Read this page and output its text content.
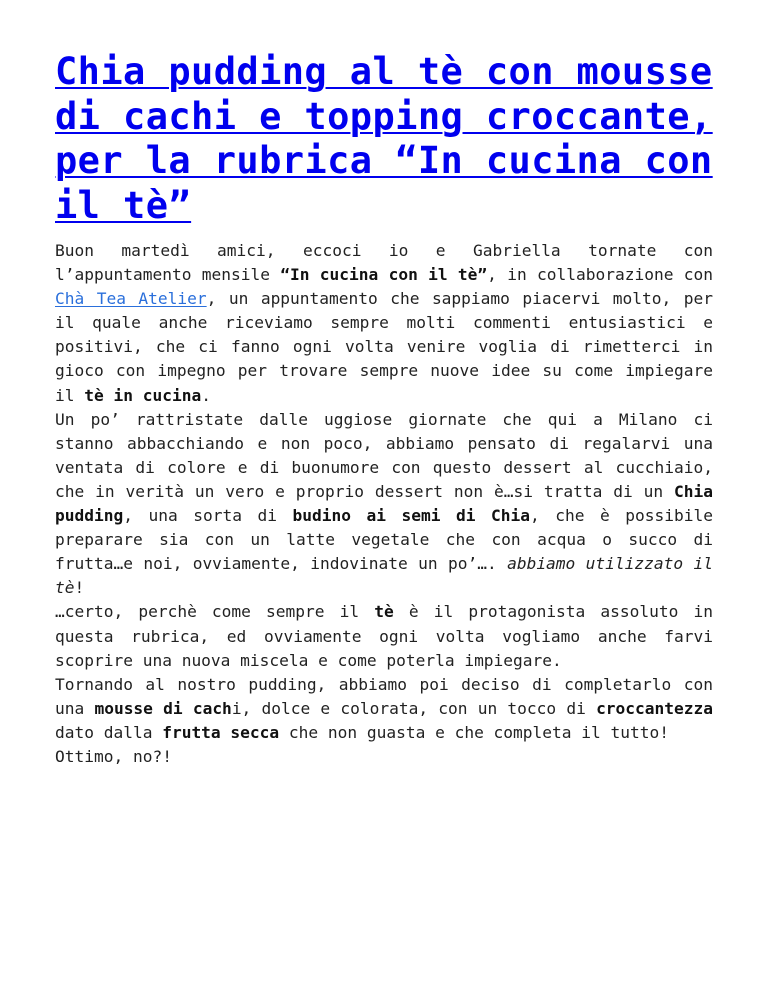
Chia pudding al tè con mousse di cachi e topping croccante, per la rubrica “In cucina con il tè”

Buon martedì amici, eccoci io e Gabriella tornate con l’appuntamento mensile “In cucina con il tè”, in collaborazione con Chà Tea Atelier, un appuntamento che sappiamo piacervi molto, per il quale anche riceviamo sempre molti commenti entusiastici e positivi, che ci fanno ogni volta venire voglia di rimetterci in gioco con impegno per trovare sempre nuove idee su come impiegare il tè in cucina.

Un po’ rattristate dalle uggiose giornate che qui a Milano ci stanno abbacchiando e non poco, abbiamo pensato di regalarvi una ventata di colore e di buonumore con questo dessert al cucchiaio, che in verità un vero e proprio dessert non è…si tratta di un Chia pudding, una sorta di budino ai semi di Chia, che è possibile preparare sia con un latte vegetale che con acqua o succo di frutta…e noi, ovviamente, indovinate un po’…. abbiamo utilizzato il tè!

…certo, perchè come sempre il tè è il protagonista assoluto in questa rubrica, ed ovviamente ogni volta vogliamo anche farvi scoprire una nuova miscela e come poterla impiegare.

Tornando al nostro pudding, abbiamo poi deciso di completarlo con una mousse di cachi, dolce e colorata, con un tocco di croccantezza dato dalla frutta secca che non guasta e che completa il tutto!

Ottimo, no?!
